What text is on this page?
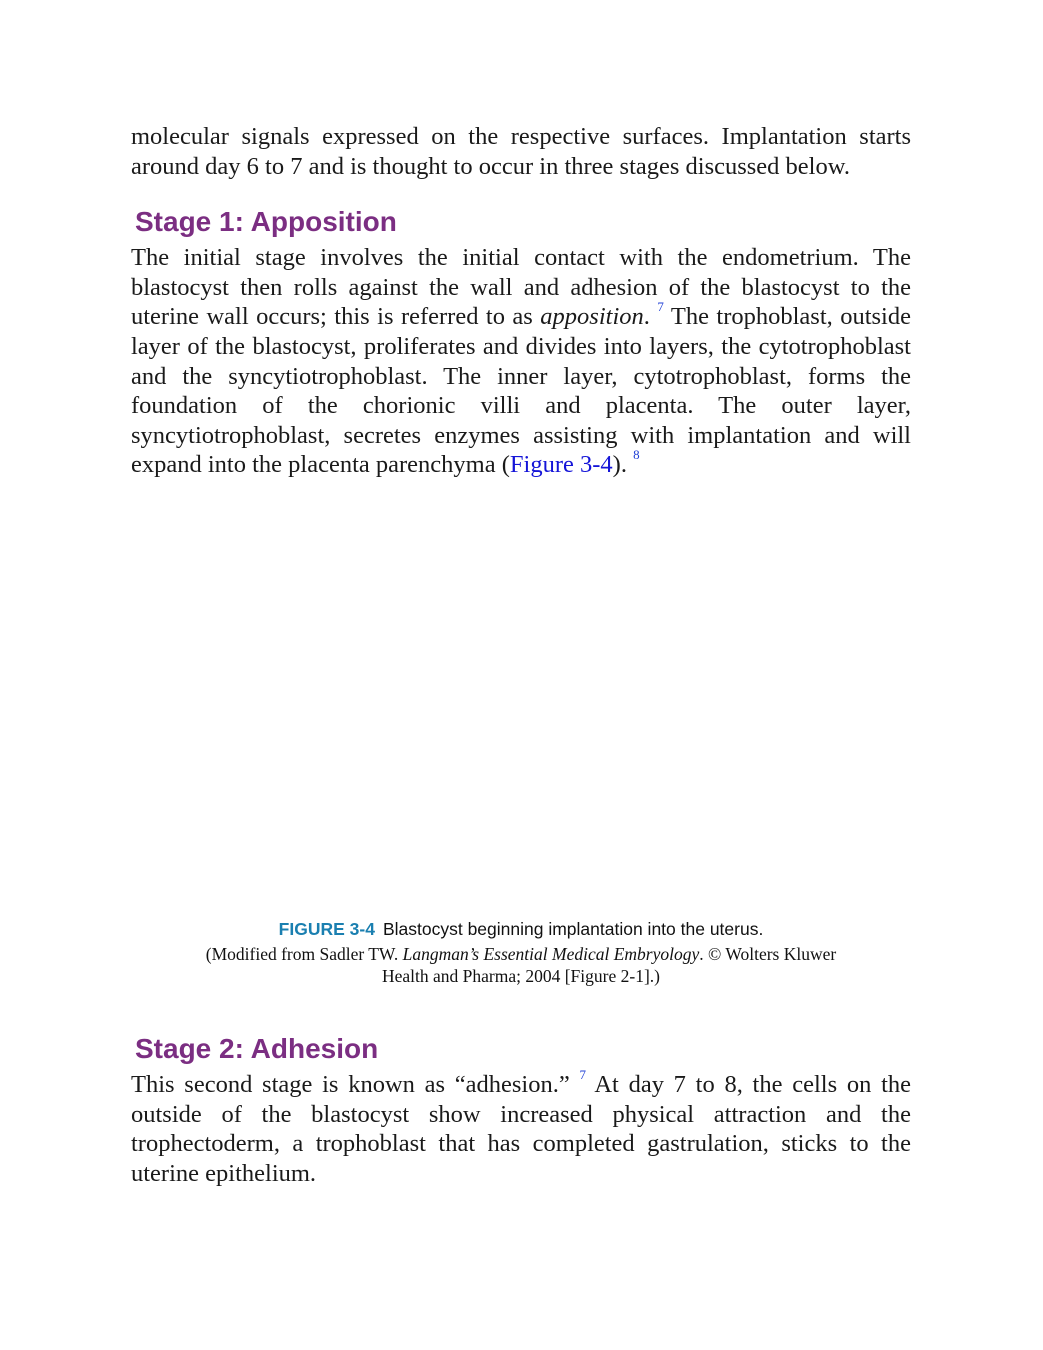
molecular signals expressed on the respective surfaces. Implantation starts around day 6 to 7 and is thought to occur in three stages discussed below.

Stage 1: Apposition

The initial stage involves the initial contact with the endometrium. The blastocyst then rolls against the wall and adhesion of the blastocyst to the uterine wall occurs; this is referred to as apposition. $^7$ The trophoblast, outside layer of the blastocyst, proliferates and divides into layers, the cytotrophoblast and the syncytiotrophoblast. The inner layer, cytotrophoblast, forms the foundation of the chorionic villi and placenta. The outer layer, syncytiotrophoblast, secretes enzymes assisting with implantation and will expand into the placenta parenchyma (Figure 3-4). $^8$

FIGURE 3-4 Blastocyst beginning implantation into the uterus.
(Modified from Sadler TW. Langman’s Essential Medical Embryology. © Wolters Kluwer Health and Pharma; 2004 [Figure 2-1].)
Stage 2: Adhesion

This second stage is known as “adhesion.” $^7$ At day 7 to 8, the cells on the outside of the blastocyst show increased physical attraction and the trophectoderm, a trophoblast that has completed gastrulation, sticks to the uterine epithelium.
